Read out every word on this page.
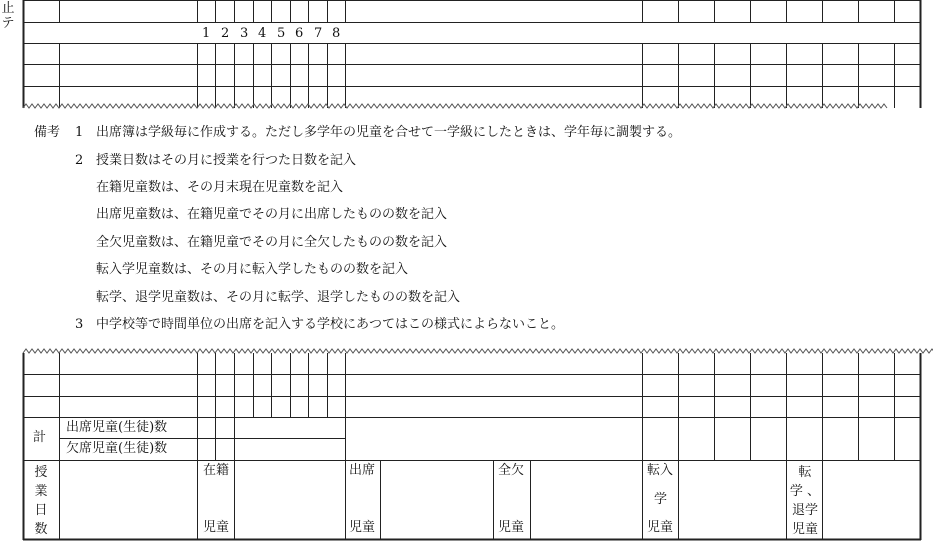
止
テ
1 2 3 4 5 6 7 8
備考 1 出席簿は学級毎に作成する。ただし多学年の児童を合せて一学級にしたときは、学年毎に調製する。
2 授業日数はその月に授業を行つた日数を記入
在籍児童数は、その月末現在児童数を記入
出席児童数は、在籍児童でその月に出席したものの数を記入
全欠児童数は、在籍児童でその月に全欠したものの数を記入
転入学児童数は、その月に転入学したものの数を記入
転学、退学児童数は、その月に転学、退学したものの数を記入
3 中学校等で時間単位の出席を記入する学校にあつてはこの様式によらないこと。
計
出席児童(生徒)数
欠席児童(生徒)数
授
業
日
数
在籍
児童
出席
児童
全欠
児童
転入
学
児童
転
学 、
退学
児童
